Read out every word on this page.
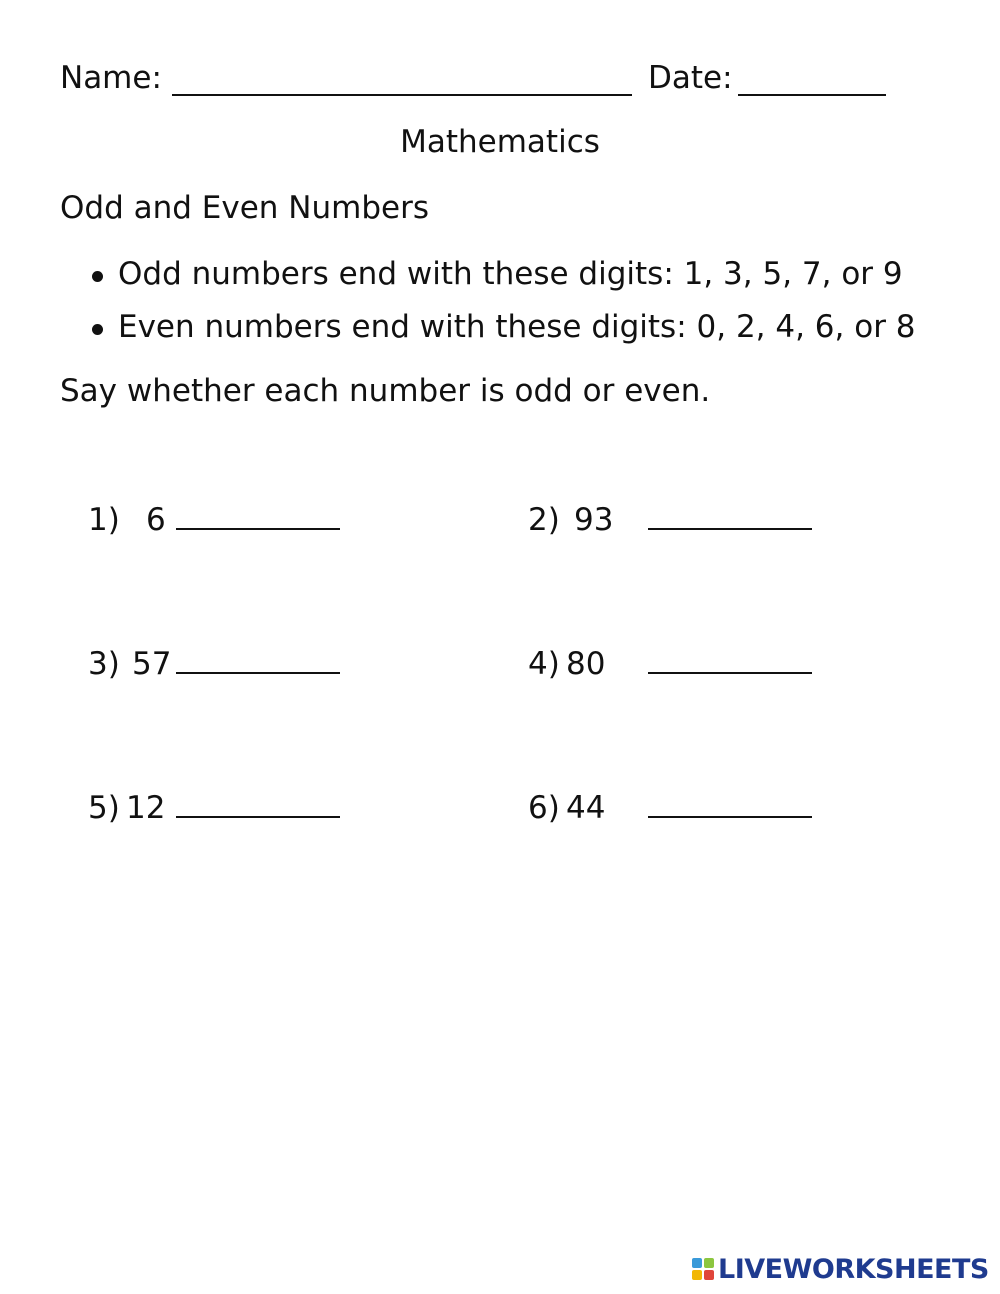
Name:	Date:
Mathematics
Odd and Even Numbers
Odd numbers end with these digits: 1, 3, 5, 7, or 9
Even numbers end with these digits: 0, 2, 4, 6, or 8
Say whether each number is odd or even.
1) 6	2) 93
3) 57	4) 80
5) 12	6) 44
LIVEWORKSHEETS
